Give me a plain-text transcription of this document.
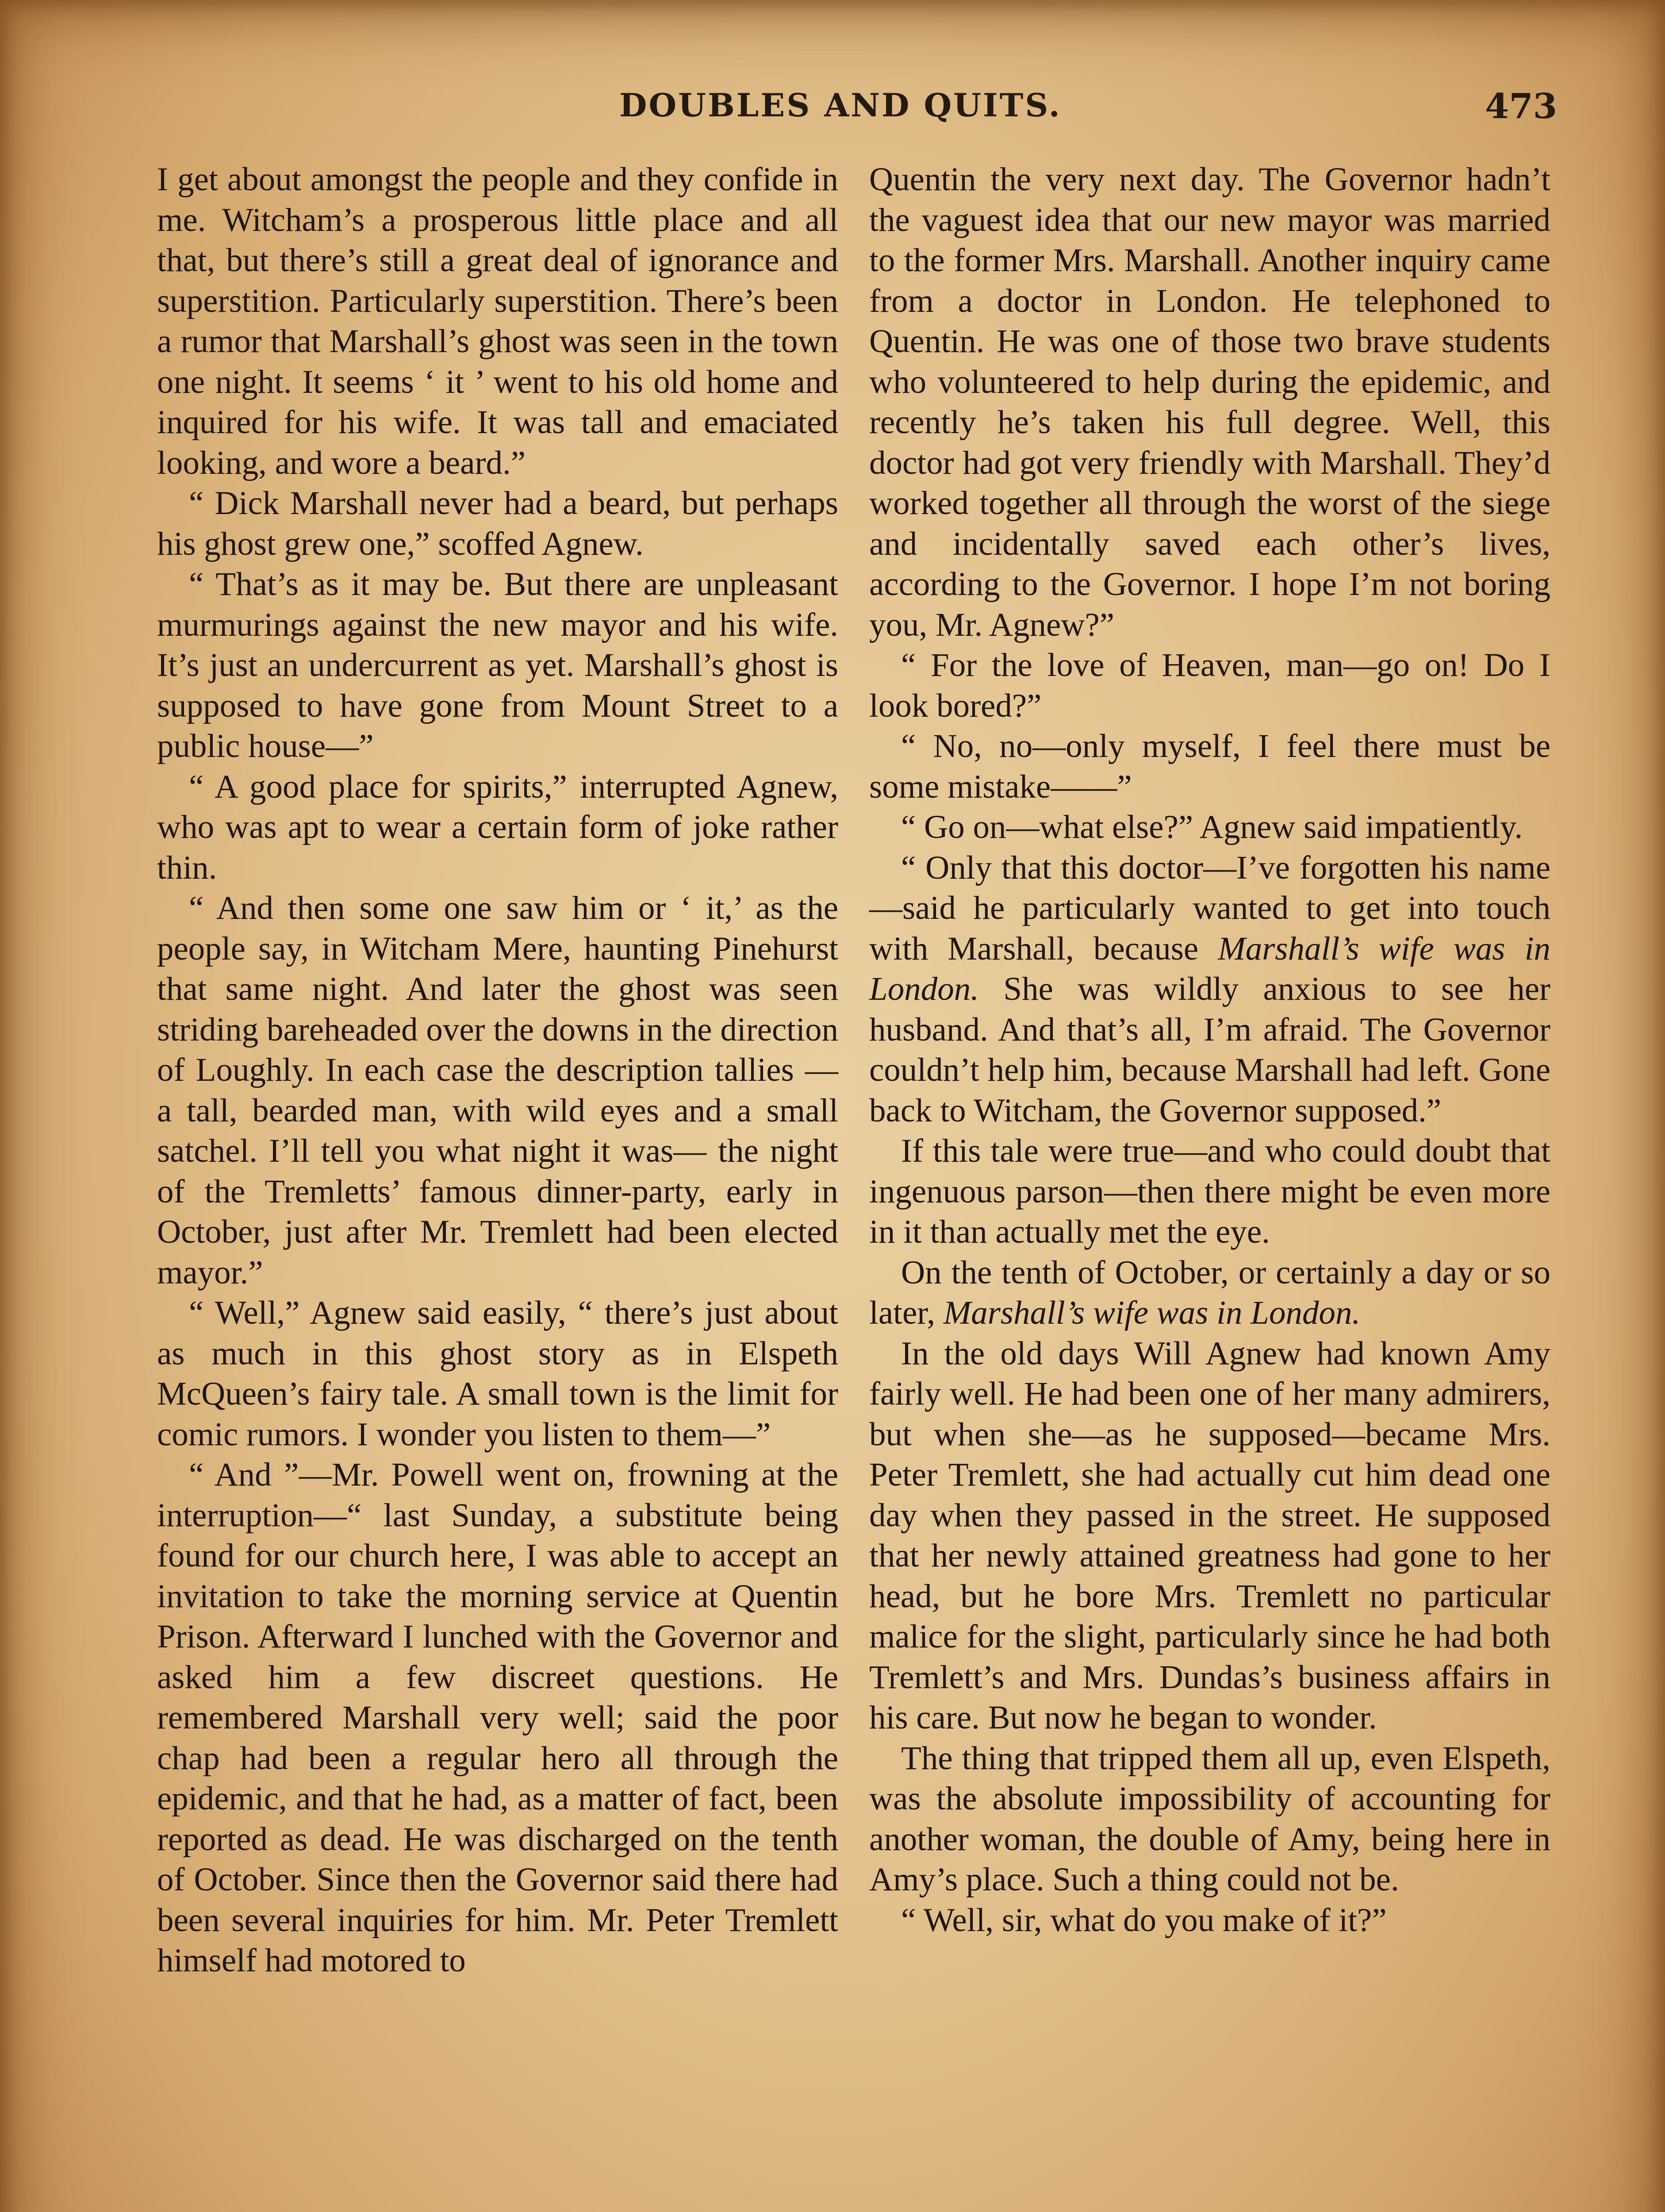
DOUBLES AND QUITS.	473

I get about amongst the people and they confide in me. Witcham’s a prosperous little place and all that, but there’s still a great deal of ignorance and superstition. Particularly superstition. There’s been a rumor that Marshall’s ghost was seen in the town one night. It seems ‘ it ’ went to his old home and inquired for his wife. It was tall and emaciated looking, and wore a beard.”

“ Dick Marshall never had a beard, but perhaps his ghost grew one,” scoffed Agnew.

“ That’s as it may be. But there are unpleasant murmurings against the new mayor and his wife. It’s just an undercurrent as yet. Marshall’s ghost is supposed to have gone from Mount Street to a public house—”

“ A good place for spirits,” interrupted Agnew, who was apt to wear a certain form of joke rather thin.

“ And then some one saw him or ‘ it,’ as the people say, in Witcham Mere, haunting Pinehurst that same night. And later the ghost was seen striding bareheaded over the downs in the direction of Loughly. In each case the description tallies — a tall, bearded man, with wild eyes and a small satchel. I’ll tell you what night it was— the night of the Tremletts’ famous dinner-party, early in October, just after Mr. Tremlett had been elected mayor.”

“ Well,” Agnew said easily, “ there’s just about as much in this ghost story as in Elspeth McQueen’s fairy tale. A small town is the limit for comic rumors. I wonder you listen to them—”

“ And ”—Mr. Powell went on, frowning at the interruption—“ last Sunday, a substitute being found for our church here, I was able to accept an invitation to take the morning service at Quentin Prison. Afterward I lunched with the Governor and asked him a few discreet questions. He remembered Marshall very well; said the poor chap had been a regular hero all through the epidemic, and that he had, as a matter of fact, been reported as dead. He was discharged on the tenth of October. Since then the Governor said there had been several inquiries for him. Mr. Peter Tremlett himself had motored to

Quentin the very next day. The Governor hadn’t the vaguest idea that our new mayor was married to the former Mrs. Marshall. Another inquiry came from a doctor in London. He telephoned to Quentin. He was one of those two brave students who volunteered to help during the epidemic, and recently he’s taken his full degree. Well, this doctor had got very friendly with Marshall. They’d worked together all through the worst of the siege and incidentally saved each other’s lives, according to the Governor. I hope I’m not boring you, Mr. Agnew?”

“ For the love of Heaven, man—go on! Do I look bored?”

“ No, no—only myself, I feel there must be some mistake——”

“ Go on—what else?” Agnew said impatiently.

“ Only that this doctor—I’ve forgotten his name—said he particularly wanted to get into touch with Marshall, because Marshall’s wife was in London. She was wildly anxious to see her husband. And that’s all, I’m afraid. The Governor couldn’t help him, because Marshall had left. Gone back to Witcham, the Governor supposed.”

If this tale were true—and who could doubt that ingenuous parson—then there might be even more in it than actually met the eye.

On the tenth of October, or certainly a day or so later, Marshall’s wife was in London.

In the old days Will Agnew had known Amy fairly well. He had been one of her many admirers, but when she—as he supposed—became Mrs. Peter Tremlett, she had actually cut him dead one day when they passed in the street. He supposed that her newly attained greatness had gone to her head, but he bore Mrs. Tremlett no particular malice for the slight, particularly since he had both Tremlett’s and Mrs. Dundas’s business affairs in his care. But now he began to wonder.

The thing that tripped them all up, even Elspeth, was the absolute impossibility of accounting for another woman, the double of Amy, being here in Amy’s place. Such a thing could not be.

“ Well, sir, what do you make of it?”
